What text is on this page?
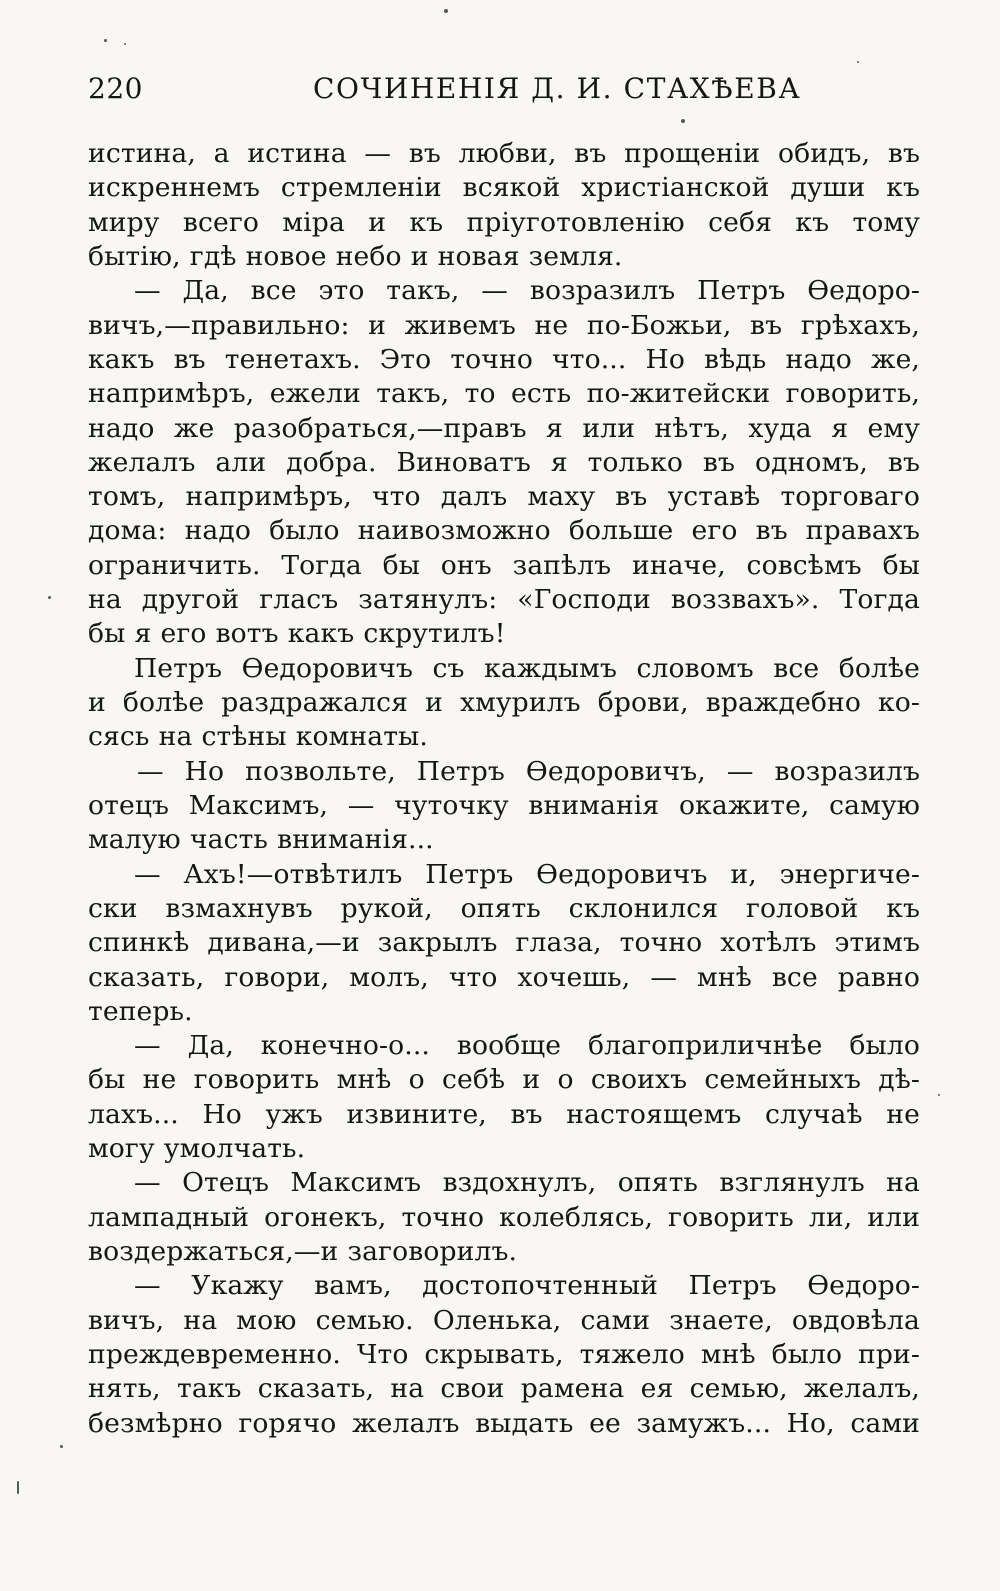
220	СОЧИНЕНІЯ Д. И. СТАХѢЕВА
истина, а истина — въ любви, въ прощеніи обидъ, въ
искреннемъ стремленіи всякой христіанской души къ
миру всего міра и къ пріуготовленію себя къ тому
бытію, гдѣ новое небо и новая земля.
— Да, все это такъ, — возразилъ Петръ Ѳедоро-
вичъ,—правильно: и живемъ не по-Божьи, въ грѣхахъ,
какъ въ тенетахъ. Это точно что... Но вѣдь надо же,
напримѣръ, ежели такъ, то есть по-житейски говорить,
надо же разобраться,—правъ я или нѣтъ, худа я ему
желалъ али добра. Виноватъ я только въ одномъ, въ
томъ, напримѣръ, что далъ маху въ уставѣ торговаго
дома: надо было наивозможно больше его въ правахъ
ограничить. Тогда бы онъ запѣлъ иначе, совсѣмъ бы
на другой гласъ затянулъ: «Господи воззвахъ». Тогда
бы я его вотъ какъ скрутилъ!
Петръ Ѳедоровичъ съ каждымъ словомъ все болѣе
и болѣе раздражался и хмурилъ брови, враждебно ко-
сясь на стѣны комнаты.
— Но позвольте, Петръ Ѳедоровичъ, — возразилъ
отецъ Максимъ, — чуточку вниманія окажите, самую
малую часть вниманія...
— Ахъ!—отвѣтилъ Петръ Ѳедоровичъ и, энергиче-
ски взмахнувъ рукой, опять склонился головой къ
спинкѣ дивана,—и закрылъ глаза, точно хотѣлъ этимъ
сказать, говори, молъ, что хочешь, — мнѣ все равно
теперь.
— Да, конечно-о... вообще благоприличнѣе было
бы не говорить мнѣ о себѣ и о своихъ семейныхъ дѣ-
лахъ... Но ужъ извините, въ настоящемъ случаѣ не
могу умолчать.
— Отецъ Максимъ вздохнулъ, опять взглянулъ на
лампадный огонекъ, точно колеблясь, говорить ли, или
воздержаться,—и заговорилъ.
— Укажу вамъ, достопочтенный Петръ Ѳедоро-
вичъ, на мою семью. Оленька, сами знаете, овдовѣла
преждевременно. Что скрывать, тяжело мнѣ было при-
нять, такъ сказать, на свои рамена ея семью, желалъ,
безмѣрно горячо желалъ выдать ее замужъ... Но, сами
